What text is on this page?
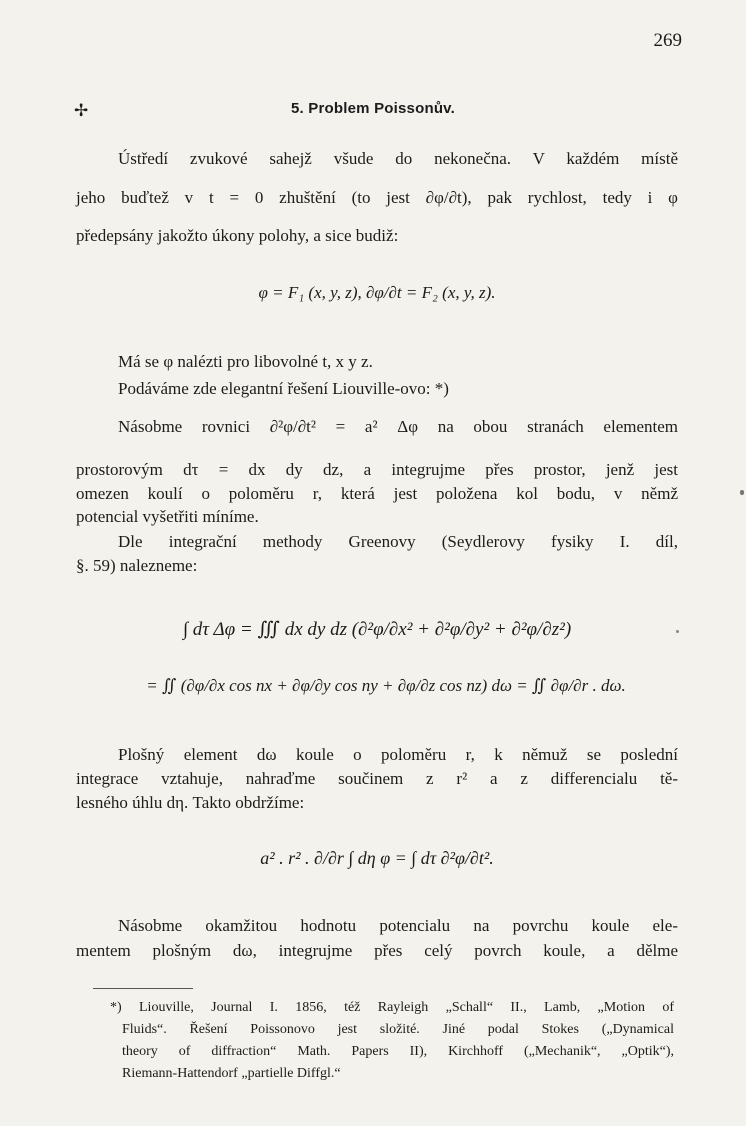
269
✢	5. Problem Poissonův.
Ústředí zvukové sahejž všude do nekonečna. V každém místě
jeho buďtež v t = 0 zhuštění (to jest ∂φ/∂t), pak rychlost, tedy i φ
předepsány jakožto úkony polohy, a sice budiž:
φ = F₁ (x, y, z), ∂φ/∂t = F₂ (x, y, z).
Má se φ nalézti pro libovolné t, x y z.
Podáváme zde elegantní řešení Liouville-ovo: *)
Násobme rovnici ∂²φ/∂t² = a² Δφ na obou stranách elementem
prostorovým dτ = dx dy dz, a integrujme přes prostor, jenž jest
omezen koulí o poloměru r, která jest položena kol bodu, v němž
potencial vyšetřiti míníme.
Dle integrační methody Greenovy (Seydlerovy fysiky I. díl,
§. 59) nalezneme:
∫ dτ Δφ = ∭ dx dy dz (∂²φ/∂x² + ∂²φ/∂y² + ∂²φ/∂z²)
= ∬ (∂φ/∂x cos nx + ∂φ/∂y cos ny + ∂φ/∂z cos nz) dω = ∬ ∂φ/∂r . dω.
Plošný element dω koule o poloměru r, k němuž se poslední
integrace vztahuje, nahraďme součinem z r² a z differencialu tě-
lesného úhlu dη. Takto obdržíme:
a² . r² . ∂/∂r ∫ dη φ = ∫ dτ ∂²φ/∂t².
Násobme okamžitou hodnotu potencialu na povrchu koule ele-
mentem plošným dω, integrujme přes celý povrch koule, a dělme
*) Liouville, Journal I. 1856, též Rayleigh „Schall“ II., Lamb, „Motion of
Fluids“. Řešení Poissonovo jest složité. Jiné podal Stokes („Dynamical
theory of diffraction“ Math. Papers II), Kirchhoff („Mechanik“, „Optik“),
Riemann-Hattendorf „partielle Diffgl.“
